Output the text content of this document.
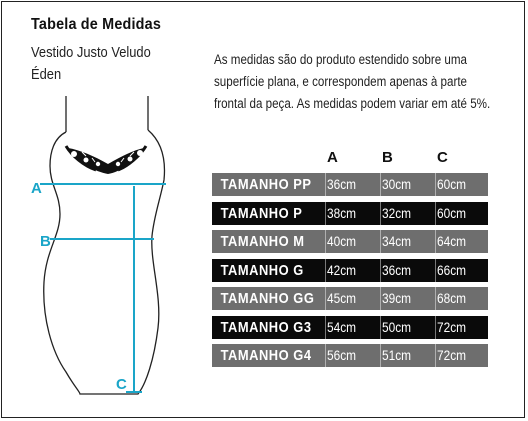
Tabela de Medidas
Vestido Justo Veludo
Éden
As medidas são do produto estendido sobre uma
superfície plana, e correspondem apenas à parte
frontal da peça. As medidas podem variar em até 5%.
A
B
C
A	B	C
TAMANHO PP 36cm 30cm 60cm
TAMANHO P	38cm 32cm 60cm
TAMANHO M	40cm 34cm 64cm
TAMANHO G	42cm 36cm 66cm
TAMANHO GG 45cm 39cm 68cm
TAMANHO G3 54cm 50cm 72cm
TAMANHO G4 56cm 51cm 72cm
